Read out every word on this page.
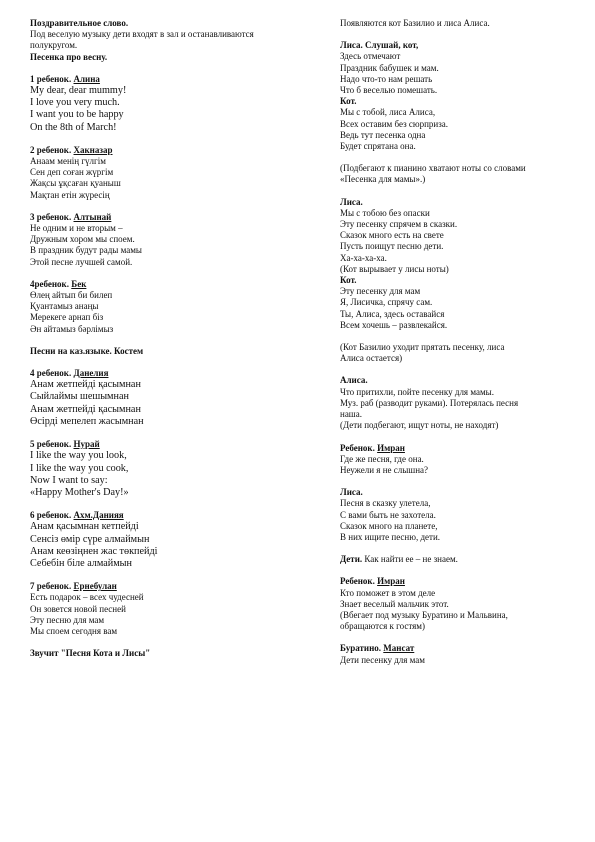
Поздравительное слово.
Под веселую музыку дети входят в зал и останавливаются
полукругом.
Песенка про весну.
1 ребенок. Алина
My dear, dear mummy!
I love you very much.
I want you to be happy
On the 8th of March!
2 ребенок. Хакназар
Анаам менің гүлгім
Сен деп соған жүргім
Жақсы ұқсаған қуаныш
Мақтан етін жүресің
3 ребенок. Алтынай
Не одним и не вторым –
Дружным хором мы споем.
В праздник будут рады мамы
Этой песне лучшей самой.
4ребенок. Бек
Өлең айтып би билеп
Қуантамыз анаңы
Мерекеге арнап біз
Ән айтамыз бәрлімыз
Песни на каз.языке. Костем
4 ребенок. Данелия
Анам жетпейді қасымнан
Сыйлаймы шешымнан
Анам жетпейді қасымнан
Өсірді мепелеп жасымнан
5 ребенок. Нурай
I like the way you look,
I like the way you cook,
Now I want to say:
«Happy Mother's Day!»
6 ребенок. Ахм.Данияя
Анам қасымнан кетпейді
Сенсіз өмір сүре алмаймын
Анам кеөзіңнен жас төкпейді
Себебін біле алмаймын
7 ребенок. Ернебулан
Есть подарок – всех чудесней
Он зовется новой песней
Эту песню для мам
Мы споем сегодня вам
Звучит "Песня Кота и Лисы"
Появляются кот Базилио и лиса Алиса.
Лиса. Слушай, кот,
Здесь отмечают
Праздник бабушек и мам.
Надо что-то нам решать
Что б веселью помешать.
Кот.
Мы с тобой, лиса Алиса,
Всех оставим без сюрприза.
Ведь тут песенка одна
Будет спрятана она.
(Подбегают к пианино хватают ноты со словами
«Песенка для мамы».)
Лиса.
Мы с тобою без опаски
Эту песенку спрячем в сказки.
Сказок много есть на свете
Пусть поищут песню дети.
Ха-ха-ха-ха.
(Кот вырывает у лисы ноты)
Кот.
Эту песенку для мам
Я, Лисичка, спрячу сам.
Ты, Алиса, здесь оставайся
Всем хочешь – развлекайся.
(Кот Базилио уходит прятать песенку, лиса
Алиса остается)
Алиса.
Что притихли, пойте песенку для мамы.
Муз. раб (разводит руками). Потерялась песня
наша.
(Дети подбегают, ищут ноты, не находят)
Ребенок. Имран
Где же песня, где она.
Неужели я не слышна?
Лиса.
Песня в сказку улетела,
С вами быть не захотела.
Сказок много на планете,
В них ищите песню, дети.
Дети. Как найти ее – не знаем.
Ребенок. Имран
Кто поможет в этом деле
Знает веселый мальчик этот.
(Вбегает под музыку Буратино и Мальвина,
обращаются к гостям)
Буратино. Мансат
Дети песенку для мам
